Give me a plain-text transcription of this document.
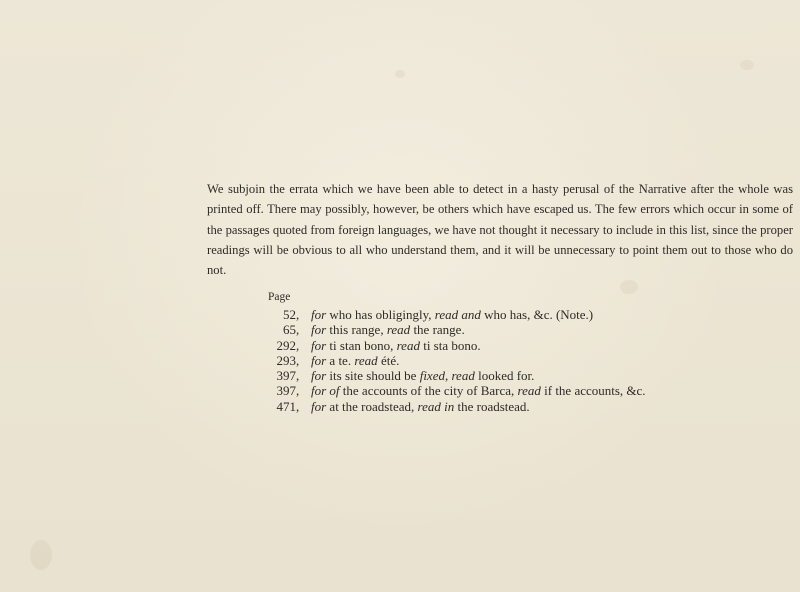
We subjoin the errata which we have been able to detect in a hasty perusal of the Narrative after the whole was printed off. There may possibly, however, be others which have escaped us. The few errors which occur in some of the passages quoted from foreign languages, we have not thought it necessary to include in this list, since the proper readings will be obvious to all who understand them, and it will be unnecessary to point them out to those who do not.

Page

52 , for who has obligingly, read and who has, &c. (Note.)
65 , for this range, read the range.
292 , for ti stan bono, read ti sta bono.
293 , for a te. read été.
397 , for its site should be fixed, read looked for.
397 , for of the accounts of the city of Barca, read if the accounts, &c.
471 , for at the roadstead, read in the roadstead.
